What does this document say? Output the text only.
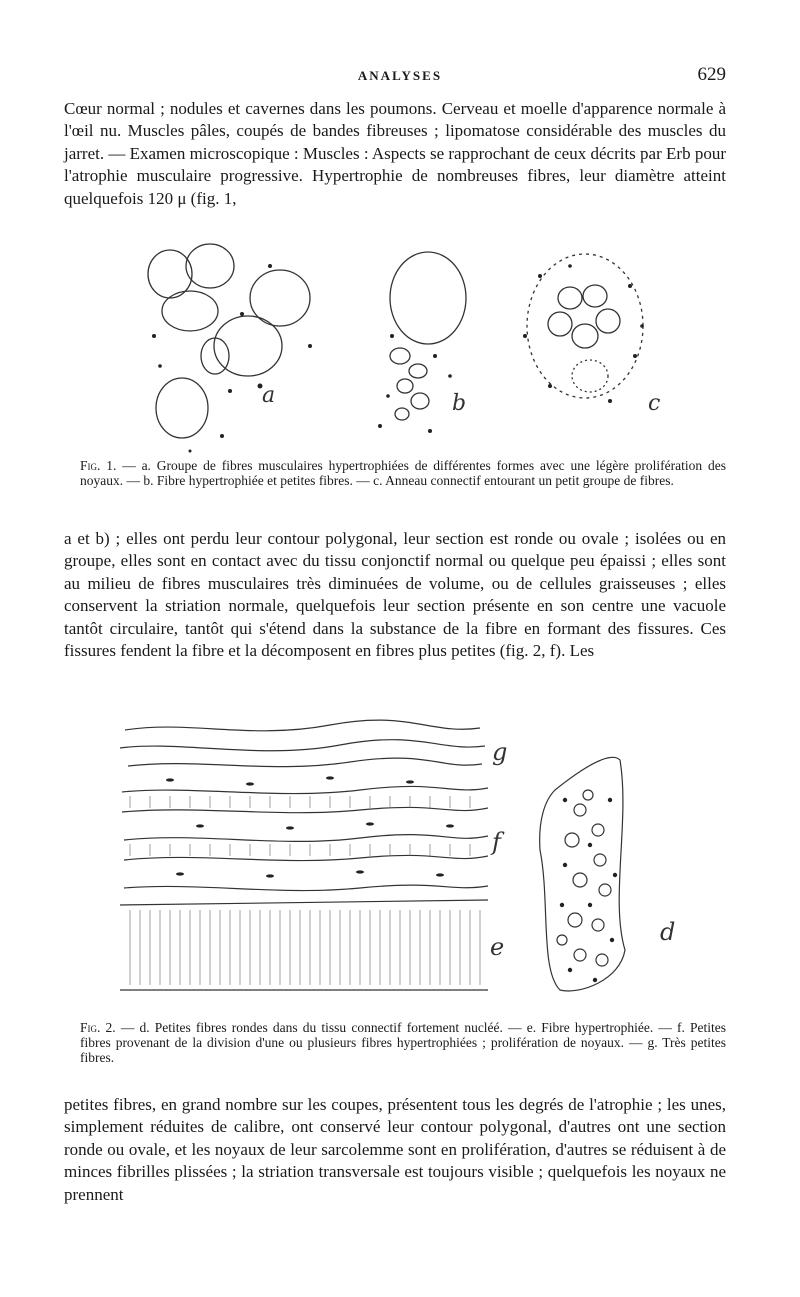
ANALYSES	629

Cœur normal ; nodules et cavernes dans les poumons. Cerveau et moelle d'apparence normale à l'œil nu. Muscles pâles, coupés de bandes fibreuses ; lipomatose considérable des muscles du jarret. — Examen microscopique : Muscles : Aspects se rapprochant de ceux décrits par Erb pour l'atrophie musculaire progressive. Hypertrophie de nombreuses fibres, leur diamètre atteint quelquefois 120 μ (fig. 1,

a	b	c

Fig. 1. — a. Groupe de fibres musculaires hypertrophiées de différentes formes avec une légère prolifération des noyaux. — b. Fibre hypertrophiée et petites fibres. — c. Anneau connectif entourant un petit groupe de fibres.

a et b) ; elles ont perdu leur contour polygonal, leur section est ronde ou ovale ; isolées ou en groupe, elles sont en contact avec du tissu conjonctif normal ou quelque peu épaissi ; elles sont au milieu de fibres musculaires très diminuées de volume, ou de cellules graisseuses ; elles conservent la striation normale, quelquefois leur section présente en son centre une vacuole tantôt circulaire, tantôt qui s'étend dans la substance de la fibre en formant des fissures. Ces fissures fendent la fibre et la décomposent en fibres plus petites (fig. 2, f). Les

g
f
e
d

Fig. 2. — d. Petites fibres rondes dans du tissu connectif fortement nucléé. — e. Fibre hypertrophiée. — f. Petites fibres provenant de la division d'une ou plusieurs fibres hypertrophiées ; prolifération de noyaux. — g. Très petites fibres.

petites fibres, en grand nombre sur les coupes, présentent tous les degrés de l'atrophie ; les unes, simplement réduites de calibre, ont conservé leur contour polygonal, d'autres ont une section ronde ou ovale, et les noyaux de leur sarcolemme sont en prolifération, d'autres se réduisent à de minces fibrilles plissées ; la striation transversale est toujours visible ; quelquefois les noyaux ne prennent
